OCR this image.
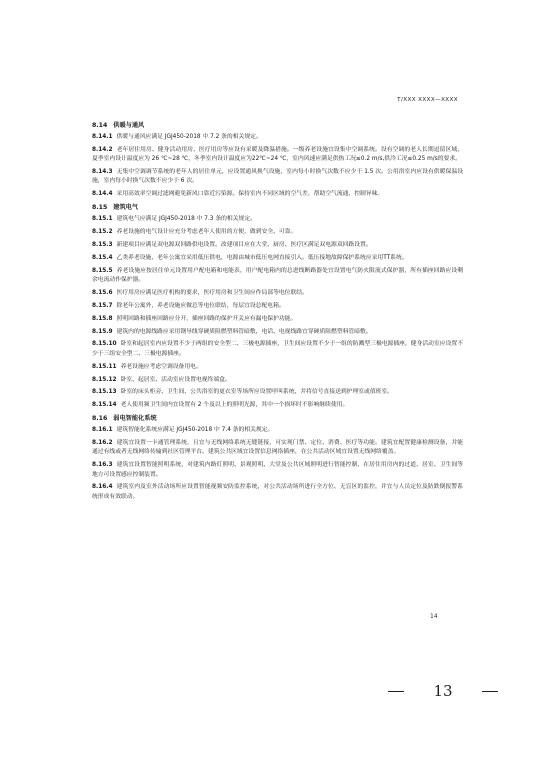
T/XXX XXXX—XXXX
8.14 供暖与通风
8.14.1 供暖与通风应满足 JGJ450-2018 中 7.2 条的相关规定。
8.14.2 老年居住用房、健身活动用房、医疗用房等应设有采暖及降温措施。一级养老设施宜设集中空调系统。设有空调的老人长期逗留区域，夏季室内设计温度应为 26 ℃~28 ℃，冬季室内设计温度应为22℃~24 ℃，室内风速应满足供热工况≤0.2 m/s,供冷工况≤0.25 m/s的要求。
8.14.3 无集中空调调节系统的老年人的居住单元，应设置通风换气设施，室内每小时换气次数不应少于 1.5 次。公用浴室内应设有供暖保温设施，室内每小时换气次数不应少于 6 次。
8.14.4 采用高效率空调过滤网避免新风口靠近污染源。保持室内不同区域的空气差，帮助空气流通，控制异味。
8.15 建筑电气
8.15.1 建筑电气应满足 JGJ450-2018 中 7.3 条的相关规定。
8.15.2 养老设施的电气设计应充分考虑老年人使用的方便，做到安全、可靠。
8.15.3 新建项目应满足双电源双回路供电设置。改建项目应在大堂、厨房、医疗区满足双电源双回路设置。
8.15.4 乙类养老设施、老年公寓宜采用低压供电，电源由城市低压电网直接引入。低压接地故障保护系统应采用TT系统。
8.15.5 养老设施应按居住单元设置用户配电箱和电能表，用户配电箱内的总进线断路器处宜设置电气防火限流式保护器，所有插座回路应设剩余电流动作保护器。
8.15.6 医疗用房应满足医疗机构的要求，医疗用房和卫生间应作局部等电位联结。
8.15.7 除老年公寓外，养老设施应做总等电位联结，每层宜设总配电箱。
8.15.8 照明回路和插座回路应分开，插座回路的保护开关应有漏电保护功能。
8.15.9 建筑内的电源线路应采用钢导线穿硬质阻燃塑料管暗敷，电话、电视线路宜穿硬质阻燃塑料管暗敷。
8.15.10 卧室和起居室内应设置不少于两组的安全型二、三极电源插座，卫生间应设置不少于一组的防溅型三极电源插座，健身活动室应设置不少于三组安全型二、三极电源插座。
8.15.11 养老设施应考虑空调设备用电。
8.15.12 卧室、起居室、活动室应设置电视终端盒。
8.15.13 卧室的床头柜旁、卫生间、公共浴室的更衣室等场所应设置呼叫系统，并将信号直接送到护理室或值班室。
8.15.14 老人使用频卫生间内宜设置有 2 个及以上的照明光源，其中一个损坏时不影响继续使用。
8.16 弱电智能化系统
8.16.1 建筑智能化系统应满足 JGJ450-2018 中 7.4 条的相关规定。
8.16.2 建筑宜设置一卡通管理系统，且宜与无线网络系统无缝链接，可实现门禁、定位、消费、医疗等功能。建筑宜配置健康检测设备，并能通过有线或者无线网络传输到社区管理平台。建筑公共区域宜设置信息网络插座，在公共活动区域宜设置无线网络覆盖。
8.16.3 建筑宜设置智能照明系统，对建筑内路灯照明、景观照明、大堂及公共区域照明进行智能控制，在居住用房内的过道、居室、卫生间等地方可设置感应控制装置。
8.16.4 建筑室内及室外活动场所应设置智能视频安防监控系统，对公共活动场所进行全方位、无盲区的监控，并宜与人员定位及防跌倒报警系统形成有效联动。
14
13
